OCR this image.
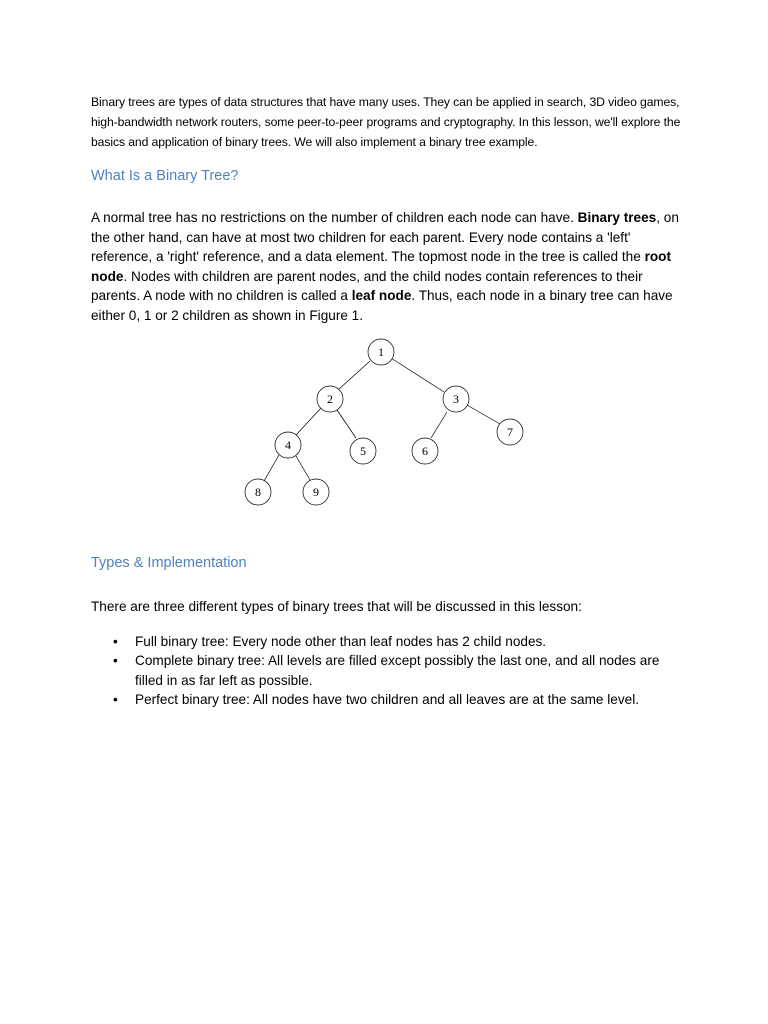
Binary trees are types of data structures that have many uses. They can be applied in search, 3D video games, high-bandwidth network routers, some peer-to-peer programs and cryptography. In this lesson, we'll explore the basics and application of binary trees. We will also implement a binary tree example.
What Is a Binary Tree?
A normal tree has no restrictions on the number of children each node can have. Binary trees, on the other hand, can have at most two children for each parent. Every node contains a 'left' reference, a 'right' reference, and a data element. The topmost node in the tree is called the root node. Nodes with children are parent nodes, and the child nodes contain references to their parents. A node with no children is called a leaf node. Thus, each node in a binary tree can have either 0, 1 or 2 children as shown in Figure 1.
1
2	3
4	5	6
7
8	9
Types & Implementation
There are three different types of binary trees that will be discussed in this lesson:
• Full binary tree: Every node other than leaf nodes has 2 child nodes.
• Complete binary tree: All levels are filled except possibly the last one, and all nodes are filled in as far left as possible.
• Perfect binary tree: All nodes have two children and all leaves are at the same level.
